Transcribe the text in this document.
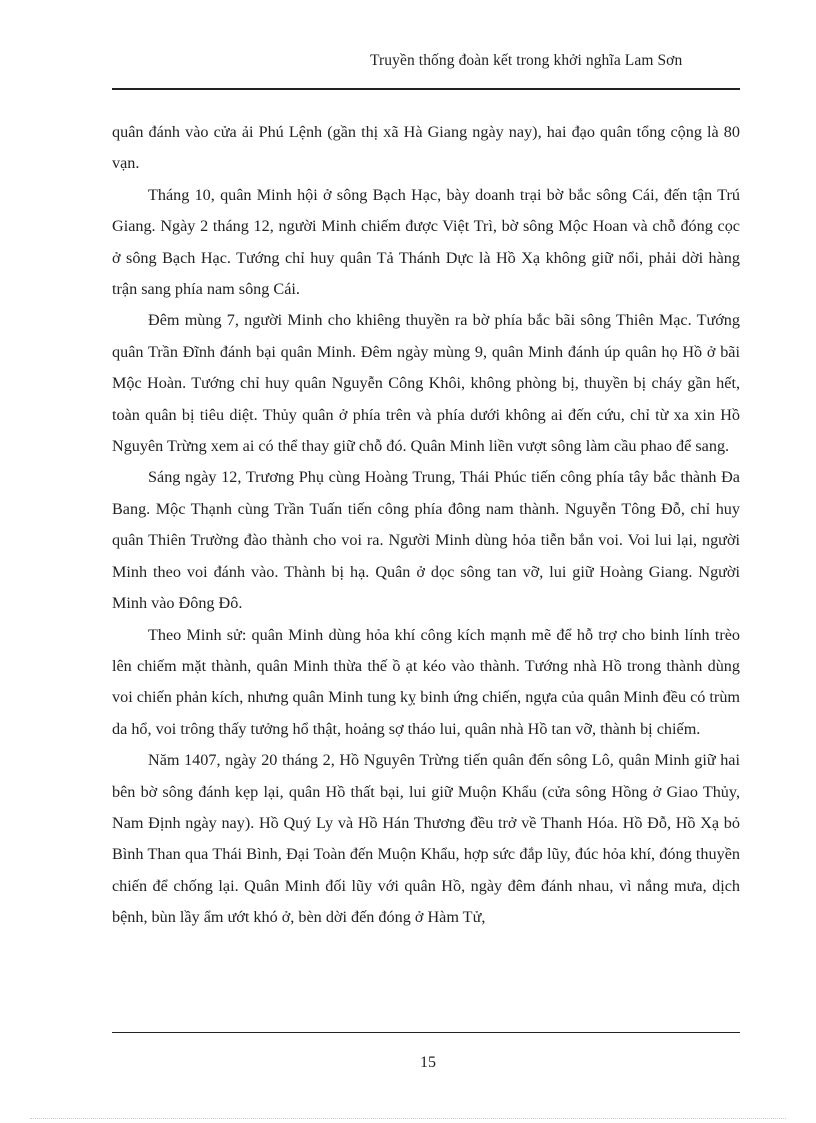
Truyền thống đoàn kết trong khởi nghĩa Lam Sơn

quân đánh vào cửa ải Phú Lệnh (gần thị xã Hà Giang ngày nay), hai đạo quân tổng cộng là 80 vạn.

Tháng 10, quân Minh hội ở sông Bạch Hạc, bày doanh trại bờ bắc sông Cái, đến tận Trú Giang. Ngày 2 tháng 12, người Minh chiếm được Việt Trì, bờ sông Mộc Hoan và chỗ đóng cọc ở sông Bạch Hạc. Tướng chỉ huy quân Tả Thánh Dực là Hồ Xạ không giữ nổi, phải dời hàng trận sang phía nam sông Cái.

Đêm mùng 7, người Minh cho khiêng thuyền ra bờ phía bắc bãi sông Thiên Mạc. Tướng quân Trần Đĩnh đánh bại quân Minh. Đêm ngày mùng 9, quân Minh đánh úp quân họ Hồ ở bãi Mộc Hoàn. Tướng chỉ huy quân Nguyễn Công Khôi, không phòng bị, thuyền bị cháy gần hết, toàn quân bị tiêu diệt. Thủy quân ở phía trên và phía dưới không ai đến cứu, chỉ từ xa xin Hồ Nguyên Trừng xem ai có thể thay giữ chỗ đó. Quân Minh liền vượt sông làm cầu phao để sang.

Sáng ngày 12, Trương Phụ cùng Hoàng Trung, Thái Phúc tiến công phía tây bắc thành Đa Bang. Mộc Thạnh cùng Trần Tuấn tiến công phía đông nam thành. Nguyễn Tông Đỗ, chỉ huy quân Thiên Trường đào thành cho voi ra. Người Minh dùng hỏa tiễn bắn voi. Voi lui lại, người Minh theo voi đánh vào. Thành bị hạ. Quân ở dọc sông tan vỡ, lui giữ Hoàng Giang. Người Minh vào Đông Đô.

Theo Minh sử: quân Minh dùng hỏa khí công kích mạnh mẽ để hỗ trợ cho binh lính trèo lên chiếm mặt thành, quân Minh thừa thế ồ ạt kéo vào thành. Tướng nhà Hồ trong thành dùng voi chiến phản kích, nhưng quân Minh tung kỵ binh ứng chiến, ngựa của quân Minh đều có trùm da hổ, voi trông thấy tưởng hổ thật, hoảng sợ tháo lui, quân nhà Hồ tan vỡ, thành bị chiếm.

Năm 1407, ngày 20 tháng 2, Hồ Nguyên Trừng tiến quân đến sông Lô, quân Minh giữ hai bên bờ sông đánh kẹp lại, quân Hồ thất bại, lui giữ Muộn Khẩu (cửa sông Hồng ở Giao Thủy, Nam Định ngày nay). Hồ Quý Ly và Hồ Hán Thương đều trở về Thanh Hóa. Hồ Đỗ, Hồ Xạ bỏ Bình Than qua Thái Bình, Đại Toàn đến Muộn Khẩu, hợp sức đắp lũy, đúc hỏa khí, đóng thuyền chiến để chống lại. Quân Minh đối lũy với quân Hồ, ngày đêm đánh nhau, vì nắng mưa, dịch bệnh, bùn lầy ẩm ướt khó ở, bèn dời đến đóng ở Hàm Tử,

15
